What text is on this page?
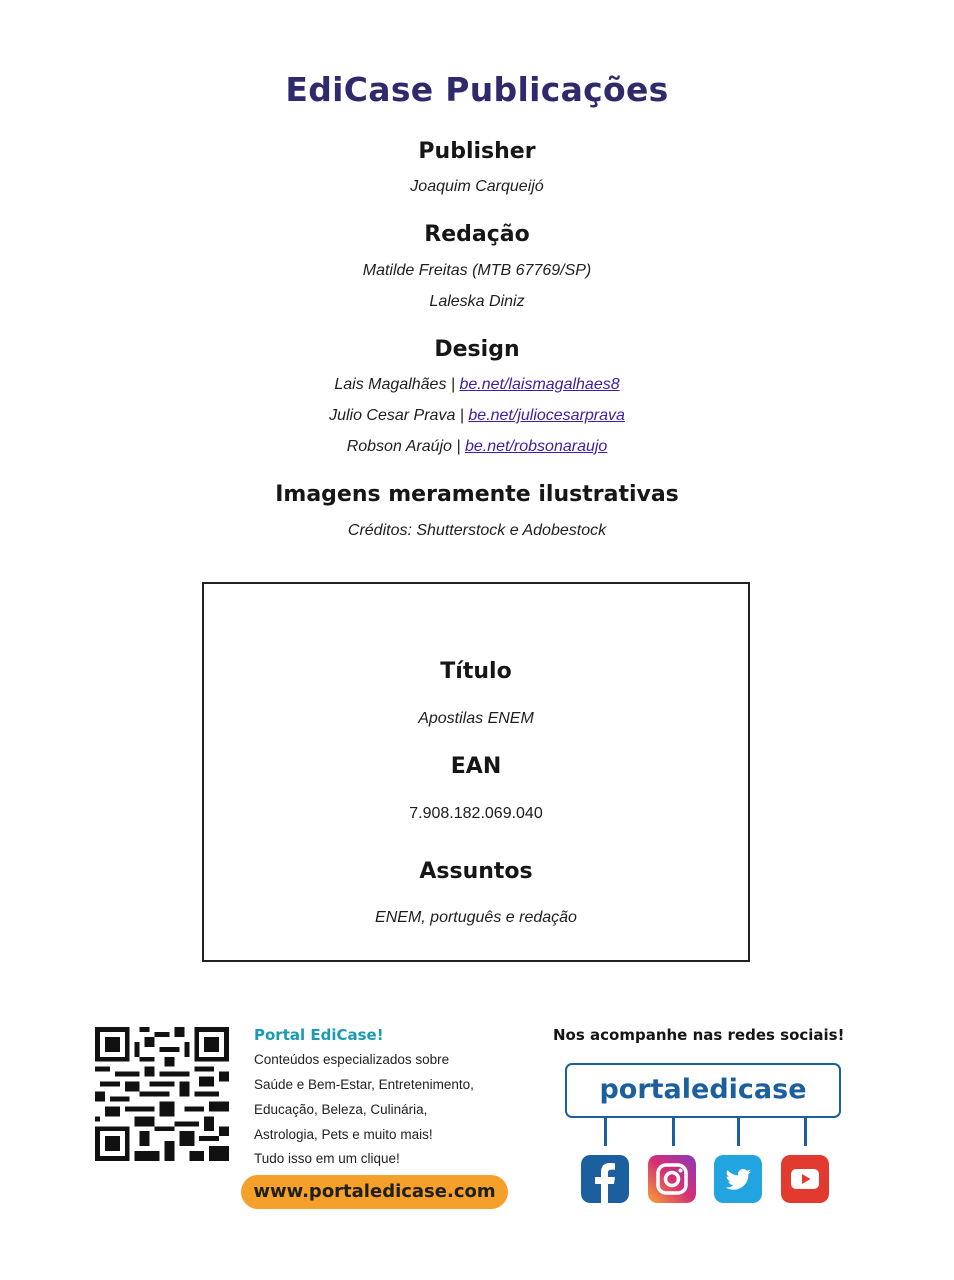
EdiCase Publicações
Publisher
Joaquim Carqueijó
Redação
Matilde Freitas (MTB 67769/SP)
Laleska Diniz
Design
Lais Magalhães | be.net/laismagalhaes8
Julio Cesar Prava | be.net/juliocesarprava
Robson Araújo | be.net/robsonaraujo
Imagens meramente ilustrativas
Créditos: Shutterstock e Adobestock
Título
Apostilas ENEM
EAN
7.908.182.069.040
Assuntos
ENEM, português e redação
Portal EdiCase!
Conteúdos especializados sobre
Saúde e Bem-Estar, Entretenimento,
Educação, Beleza, Culinária,
Astrologia, Pets e muito mais!
Tudo isso em um clique!
www.portaledicase.com
Nos acompanhe nas redes sociais!
portaledicase
